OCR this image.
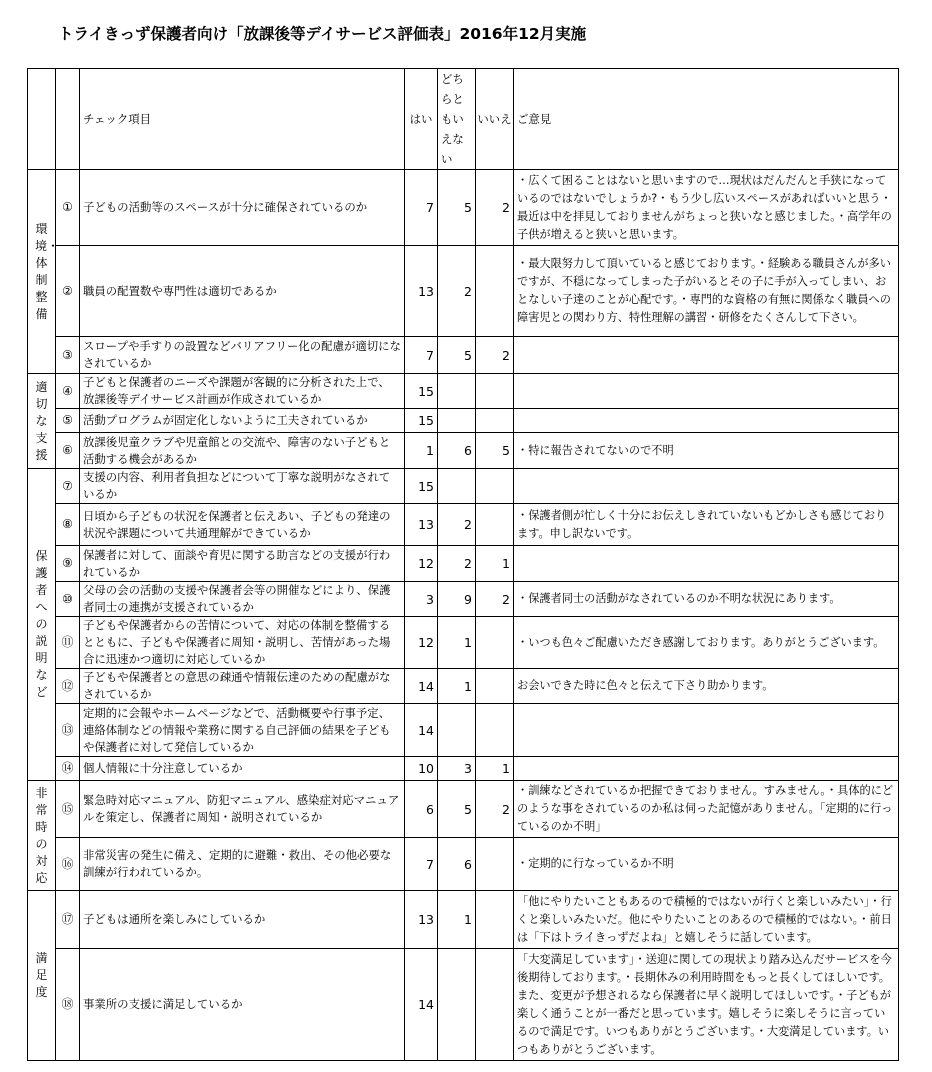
トライきっず保護者向け「放課後等デイサービス評価表」2016年12月実施
		チェック項目	はい	どちらともいえない	いいえ	ご意見

環境・体制整備	①	子どもの活動等のスペースが十分に確保されているのか	7	5	2	・広くて困ることはないと思いますので…現状はだんだんと手狭になっているのではないでしょうか?・もう少し広いスペースがあればいいと思う・最近は中を拝見しておりませんがちょっと狭いなと感じました。・高学年の子供が増えると狭いと思います。
	②	職員の配置数や専門性は適切であるか	13	2		・最大限努力して頂いていると感じております。・経験ある職員さんが多いですが、不穏になってしまった子がいるとその子に手が入ってしまい、おとなしい子達のことが心配です。・専門的な資格の有無に関係なく職員への障害児との関わり方、特性理解の講習・研修をたくさんして下さい。
	③	スロープや手すりの設置などバリアフリー化の配慮が適切になされているか	7	5	2	

適切な支援	④	子どもと保護者のニーズや課題が客観的に分析された上で、放課後等デイサービス計画が作成されているか	15			
	⑤	活動プログラムが固定化しないように工夫されているか	15			
	⑥	放課後児童クラブや児童館との交流や、障害のない子どもと活動する機会があるか	1	6	5	・特に報告されてないので不明

保護者への説明など	⑦	支援の内容、利用者負担などについて丁寧な説明がなされているか	15			
	⑧	日頃から子どもの状況を保護者と伝えあい、子どもの発達の状況や課題について共通理解ができているか	13	2		・保護者側が忙しく十分にお伝えしきれていないもどかしさも感じております。申し訳ないです。
	⑨	保護者に対して、面談や育児に関する助言などの支援が行われているか	12	2	1	
	⑩	父母の会の活動の支援や保護者会等の開催などにより、保護者同士の連携が支援されているか	3	9	2	・保護者同士の活動がなされているのか不明な状況にあります。
	⑪	子どもや保護者からの苦情について、対応の体制を整備するとともに、子どもや保護者に周知・説明し、苦情があった場合に迅速かつ適切に対応しているか	12	1		・いつも色々ご配慮いただき感謝しております。ありがとうございます。
	⑫	子どもや保護者との意思の疎通や情報伝達のための配慮がなされているか	14	1		お会いできた時に色々と伝えて下さり助かります。
	⑬	定期的に会報やホームページなどで、活動概要や行事予定、連絡体制などの情報や業務に関する自己評価の結果を子どもや保護者に対して発信しているか	14			
	⑭	個人情報に十分注意しているか	10	3	1	

非常時の対応	⑮	緊急時対応マニュアル、防犯マニュアル、感染症対応マニュアルを策定し、保護者に周知・説明されているか	6	5	2	・訓練などされているか把握できておりません。すみません。・具体的にどのような事をされているのか私は伺った記憶がありません。「定期的に行っているのか不明」
	⑯	非常災害の発生に備え、定期的に避難・救出、その他必要な訓練が行われているか。	7	6		・定期的に行なっているか不明

満足度	⑰	子どもは通所を楽しみにしているか	13	1		「他にやりたいこともあるので積極的ではないが行くと楽しいみたい」・行くと楽しいみたいだ。他にやりたいことのあるので積極的ではない。・前日は「下はトライきっずだよね」と嬉しそうに話しています。
	⑱	事業所の支援に満足しているか	14			「大変満足しています」・送迎に関しての現状より踏み込んだサービスを今後期待しております。・長期休みの利用時間をもっと長くしてほしいです。また、変更が予想されるなら保護者に早く説明してほしいです。・子どもが楽しく通うことが一番だと思っています。嬉しそうに楽しそうに言っているので満足です。いつもありがとうございます。・大変満足しています。いつもありがとうございます。
